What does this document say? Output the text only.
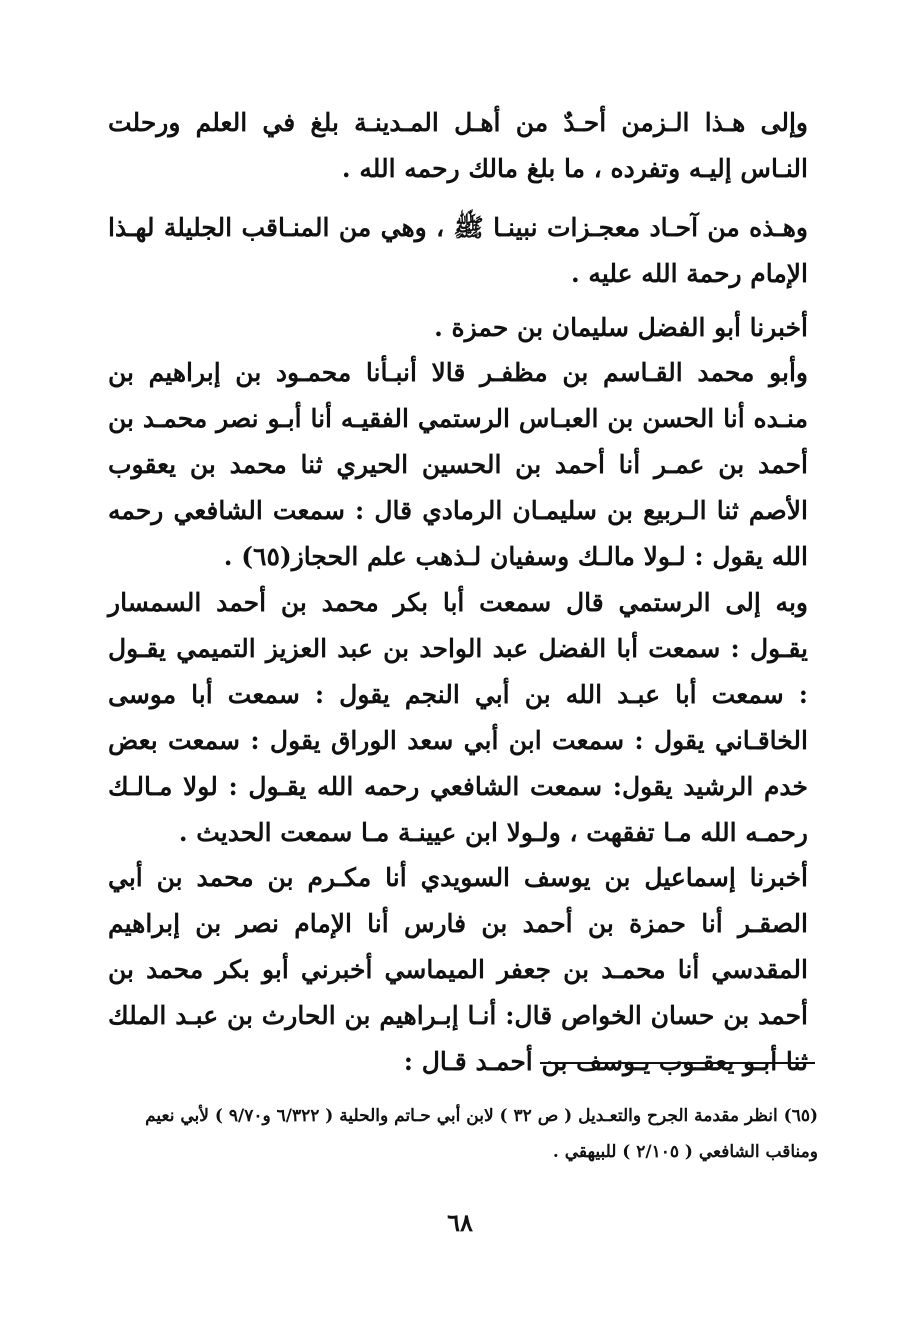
وإلى هـذا الـزمن أحـدٌ من أهـل المـدينـة بلغ في العلم ورحلت النـاس إليـه وتفرده ، ما بلغ مالك رحمه الله .

وهـذه من آحـاد معجـزات نبينـا ﷺ ، وهي من المنـاقب الجليلة لهـذا الإمام رحمة الله عليه .

أخبرنا أبو الفضل سليمان بن حمزة .

وأبو محمد القـاسم بن مظفـر قالا أنبـأنا محمـود بن إبراهيم بن منـده أنا الحسن بن العبـاس الرستمي الفقيـه أنا أبـو نصر محمـد بن أحمد بن عمـر أنا أحمد بن الحسين الحيري ثنا محمد بن يعقوب الأصم ثنا الـربيع بن سليمـان الرمادي قال : سمعت الشافعي رحمه الله يقول : لـولا مالـك وسفيان لـذهب علم الحجاز(٦٥) .

وبه إلى الرستمي قال سمعت أبا بكر محمد بن أحمد السمسار يقـول : سمعت أبا الفضل عبد الواحد بن عبد العزيز التميمي يقـول : سمعت أبا عبـد الله بن أبي النجم يقول : سمعت أبا موسى الخاقـاني يقول : سمعت ابن أبي سعد الوراق يقول : سمعت بعض خدم الرشيد يقول: سمعت الشافعي رحمه الله يقـول : لولا مـالـك رحمـه الله مـا تفقهت ، ولـولا ابن عيينـة مـا سمعت الحديث .

أخبرنا إسماعيل بن يوسف السويدي أنا مكـرم بن محمد بن أبي الصقـر أنا حمزة بن أحمد بن فارس أنا الإمام نصر بن إبراهيم المقدسي أنا محمـد بن جعفر الميماسي أخبرني أبو بكر محمد بن أحمد بن حسان الخواص قال: أنـا إبـراهيم بن الحارث بن عبـد الملك ثنا أبـو يعقـوب يـوسف بن أحمـد قـال :

(٦٥) انظر مقدمة الجرح والتعـديل ( ص ٣٢ ) لابن أبي حـاتم والحلية ( ٦/٣٢٢ و٩/٧٠ ) لأبي نعيم ومناقب الشافعي ( ٢/١٠٥ ) للبيهقي .

٦٨
